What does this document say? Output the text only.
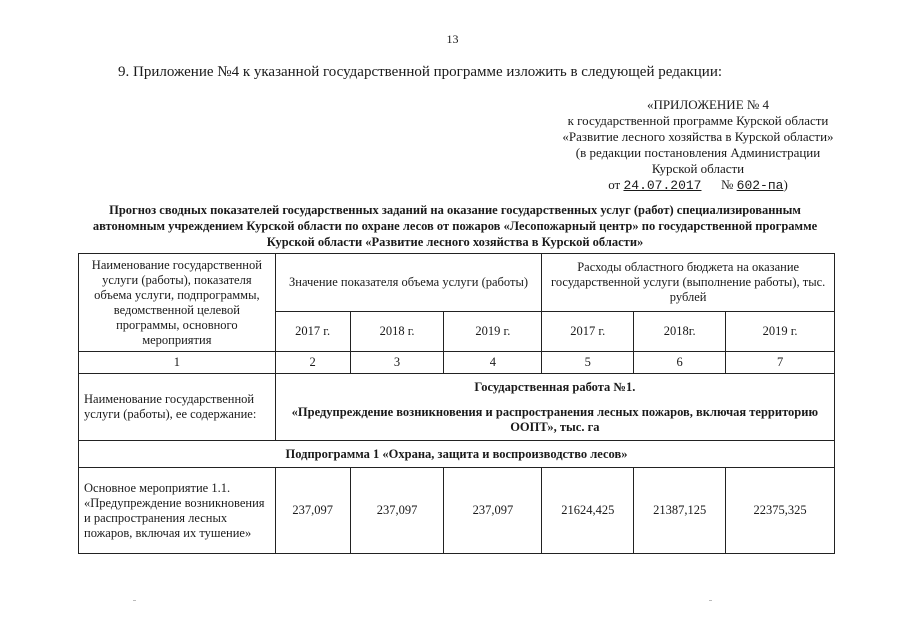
13
9. Приложение №4 к указанной государственной программе изложить в следующей редакции:
«ПРИЛОЖЕНИЕ № 4
к государственной программе Курской области
«Развитие лесного хозяйства в Курской области»
(в редакции постановления Администрации
Курской области
от 24.07.2017 № 602-па)
Прогноз сводных показателей государственных заданий на оказание государственных услуг (работ) специализированным
автономным учреждением Курской области по охране лесов от пожаров «Лесопожарный центр» по государственной программе
Курской области «Развитие лесного хозяйства в Курской области»
Наименование государственной услуги (работы), показателя объема услуги, подпрограммы, ведомственной целевой программы, основного мероприятия	Значение показателя объема услуги (работы)			Расходы областного бюджета на оказание государственной услуги (выполнение работы), тыс. рублей		
	2017 г.	2018 г.	2019 г.	2017 г.	2018г.	2019 г.
1	2	3	4	5	6	7
Наименование государственной услуги (работы), ее содержание:	Государственная работа №1.
«Предупреждение возникновения и распространения лесных пожаров, включая территорию ООПТ», тыс. га					

Подпрограмма 1 «Охрана, защита и воспроизводство лесов»						
Основное мероприятие 1.1. «Предупреждение возникновения и распространения лесных пожаров, включая их тушение»	237,097	237,097	237,097	21624,425	21387,125	22375,325
